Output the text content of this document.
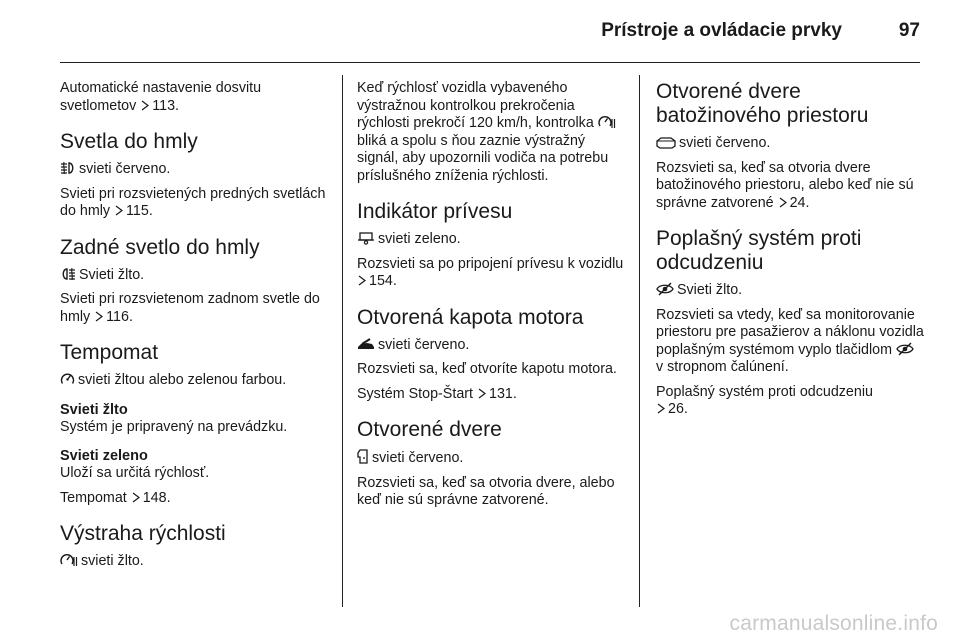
Prístroje a ovládacie prvky	97

Automatické nastavenie dosvitu svetlometov 113.

Svetla do hmly

svieti červeno.

Svieti pri rozsvietených predných svetlách do hmly 115.

Zadné svetlo do hmly

Svieti žlto.

Svieti pri rozsvietenom zadnom svetle do hmly 116.

Tempomat

svieti žltou alebo zelenou farbou.

Svieti žlto

Systém je pripravený na prevádzku.

Svieti zeleno

Uloží sa určitá rýchlosť.

Tempomat 148.

Výstraha rýchlosti

svieti žlto.

Keď rýchlosť vozidla vybaveného výstražnou kontrolkou prekročenia rýchlosti prekročí 120 km/h, kontrolka
bliká a spolu s ňou zaznie výstražný signál, aby upozornili vodiča na potrebu príslušného zníženia rýchlosti.

Indikátor prívesu

svieti zeleno.

Rozsvieti sa po pripojení prívesu k vozidlu 154.

Otvorená kapota motora

svieti červeno.

Rozsvieti sa, keď otvoríte kapotu motora.

Systém Stop-Štart 131.

Otvorené dvere

svieti červeno.

Rozsvieti sa, keď sa otvoria dvere, alebo keď nie sú správne zatvorené.

Otvorené dvere batožinového priestoru

svieti červeno.

Rozsvieti sa, keď sa otvoria dvere batožinového priestoru, alebo keď nie sú správne zatvorené 24.

Poplašný systém proti odcudzeniu

Svieti žlto.

Rozsvieti sa vtedy, keď sa monitorovanie priestoru pre pasažierov a náklonu vozidla poplašným systémom vyplo tlačidlom
v stropnom čalúnení.

Poplašný systém proti odcudzeniu
26.

carmanualsonline.info
